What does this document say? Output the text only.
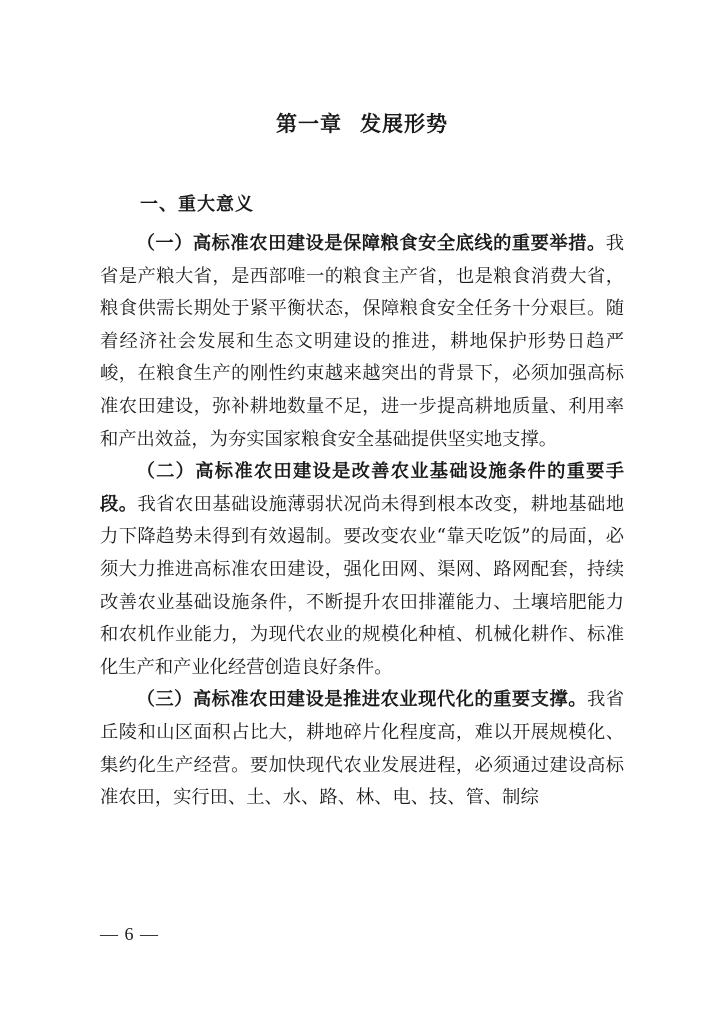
第一章 发展形势
一、重大意义

（一）高标准农田建设是保障粮食安全底线的重要举措。我省是产粮大省，是西部唯一的粮食主产省，也是粮食消费大省，粮食供需长期处于紧平衡状态，保障粮食安全任务十分艰巨。随着经济社会发展和生态文明建设的推进，耕地保护形势日趋严峻，在粮食生产的刚性约束越来越突出的背景下，必须加强高标准农田建设，弥补耕地数量不足，进一步提高耕地质量、利用率和产出效益，为夯实国家粮食安全基础提供坚实地支撑。

（二）高标准农田建设是改善农业基础设施条件的重要手段。我省农田基础设施薄弱状况尚未得到根本改变，耕地基础地力下降趋势未得到有效遏制。要改变农业“靠天吃饭”的局面，必须大力推进高标准农田建设，强化田网、渠网、路网配套，持续改善农业基础设施条件，不断提升农田排灌能力、土壤培肥能力和农机作业能力，为现代农业的规模化种植、机械化耕作、标准化生产和产业化经营创造良好条件。

（三）高标准农田建设是推进农业现代化的重要支撑。我省丘陵和山区面积占比大，耕地碎片化程度高，难以开展规模化、集约化生产经营。要加快现代农业发展进程，必须通过建设高标准农田，实行田、土、水、路、林、电、技、管、制综

— 6 —
